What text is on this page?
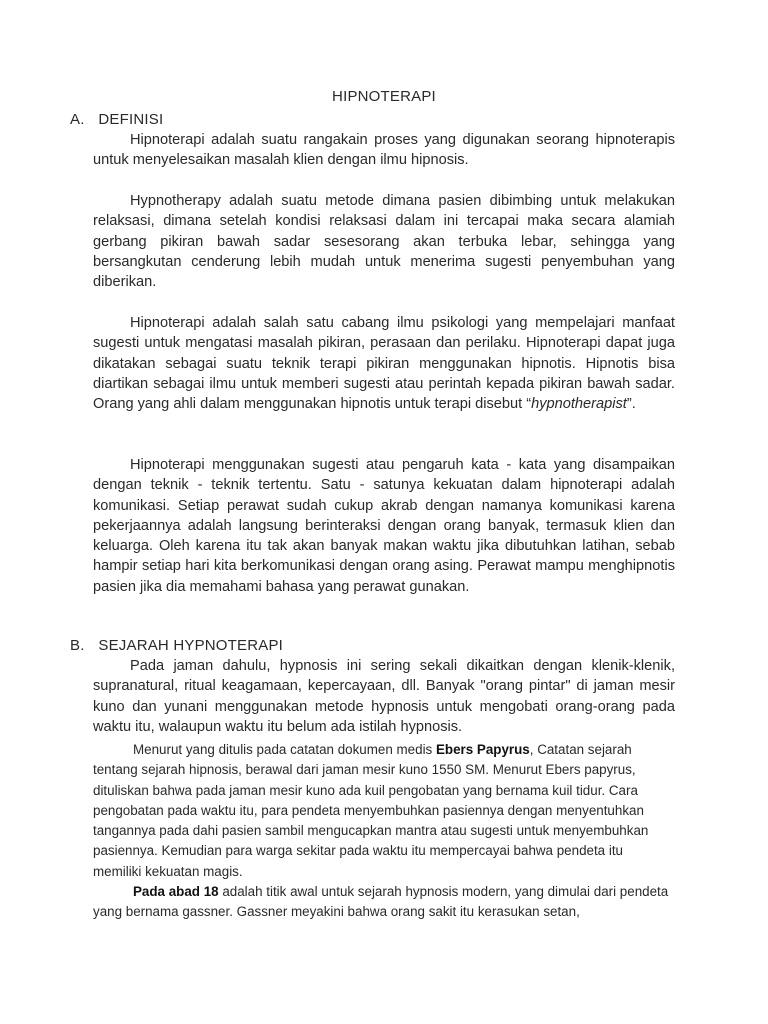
HIPNOTERAPI
A. DEFINISI

Hipnoterapi adalah suatu rangakain proses yang digunakan seorang hipnoterapis untuk menyelesaikan masalah klien dengan ilmu hipnosis.

Hypnotherapy adalah suatu metode dimana pasien dibimbing untuk melakukan relaksasi, dimana setelah kondisi relaksasi dalam ini tercapai maka secara alamiah gerbang pikiran bawah sadar sesesorang akan terbuka lebar, sehingga yang bersangkutan cenderung lebih mudah untuk menerima sugesti penyembuhan yang diberikan.

Hipnoterapi adalah salah satu cabang ilmu psikologi yang mempelajari manfaat sugesti untuk mengatasi masalah pikiran, perasaan dan perilaku. Hipnoterapi dapat juga dikatakan sebagai suatu teknik terapi pikiran menggunakan hipnotis. Hipnotis bisa diartikan sebagai ilmu untuk memberi sugesti atau perintah kepada pikiran bawah sadar. Orang yang ahli dalam menggunakan hipnotis untuk terapi disebut “hypnotherapist”.

Hipnoterapi menggunakan sugesti atau pengaruh kata - kata yang disampaikan dengan teknik - teknik tertentu. Satu - satunya kekuatan dalam hipnoterapi adalah komunikasi. Setiap perawat sudah cukup akrab dengan namanya komunikasi karena pekerjaannya adalah langsung berinteraksi dengan orang banyak, termasuk klien dan keluarga. Oleh karena itu tak akan banyak makan waktu jika dibutuhkan latihan, sebab hampir setiap hari kita berkomunikasi dengan orang asing. Perawat mampu menghipnotis pasien jika dia memahami bahasa yang perawat gunakan.

B. SEJARAH HYPNOTERAPI

Pada jaman dahulu, hypnosis ini sering sekali dikaitkan dengan klenik-klenik, supranatural, ritual keagamaan, kepercayaan, dll. Banyak "orang pintar" di jaman mesir kuno dan yunani menggunakan metode hypnosis untuk mengobati orang-orang pada waktu itu, walaupun waktu itu belum ada istilah hypnosis.

Menurut yang ditulis pada catatan dokumen medis Ebers Papyrus, Catatan sejarah tentang sejarah hipnosis, berawal dari jaman mesir kuno 1550 SM. Menurut Ebers papyrus, dituliskan bahwa pada jaman mesir kuno ada kuil pengobatan yang bernama kuil tidur. Cara pengobatan pada waktu itu, para pendeta menyembuhkan pasiennya dengan menyentuhkan tangannya pada dahi pasien sambil mengucapkan mantra atau sugesti untuk menyembuhkan pasiennya. Kemudian para warga sekitar pada waktu itu mempercayai bahwa pendeta itu memiliki kekuatan magis.

Pada abad 18 adalah titik awal untuk sejarah hypnosis modern, yang dimulai dari pendeta yang bernama gassner. Gassner meyakini bahwa orang sakit itu kerasukan setan,
